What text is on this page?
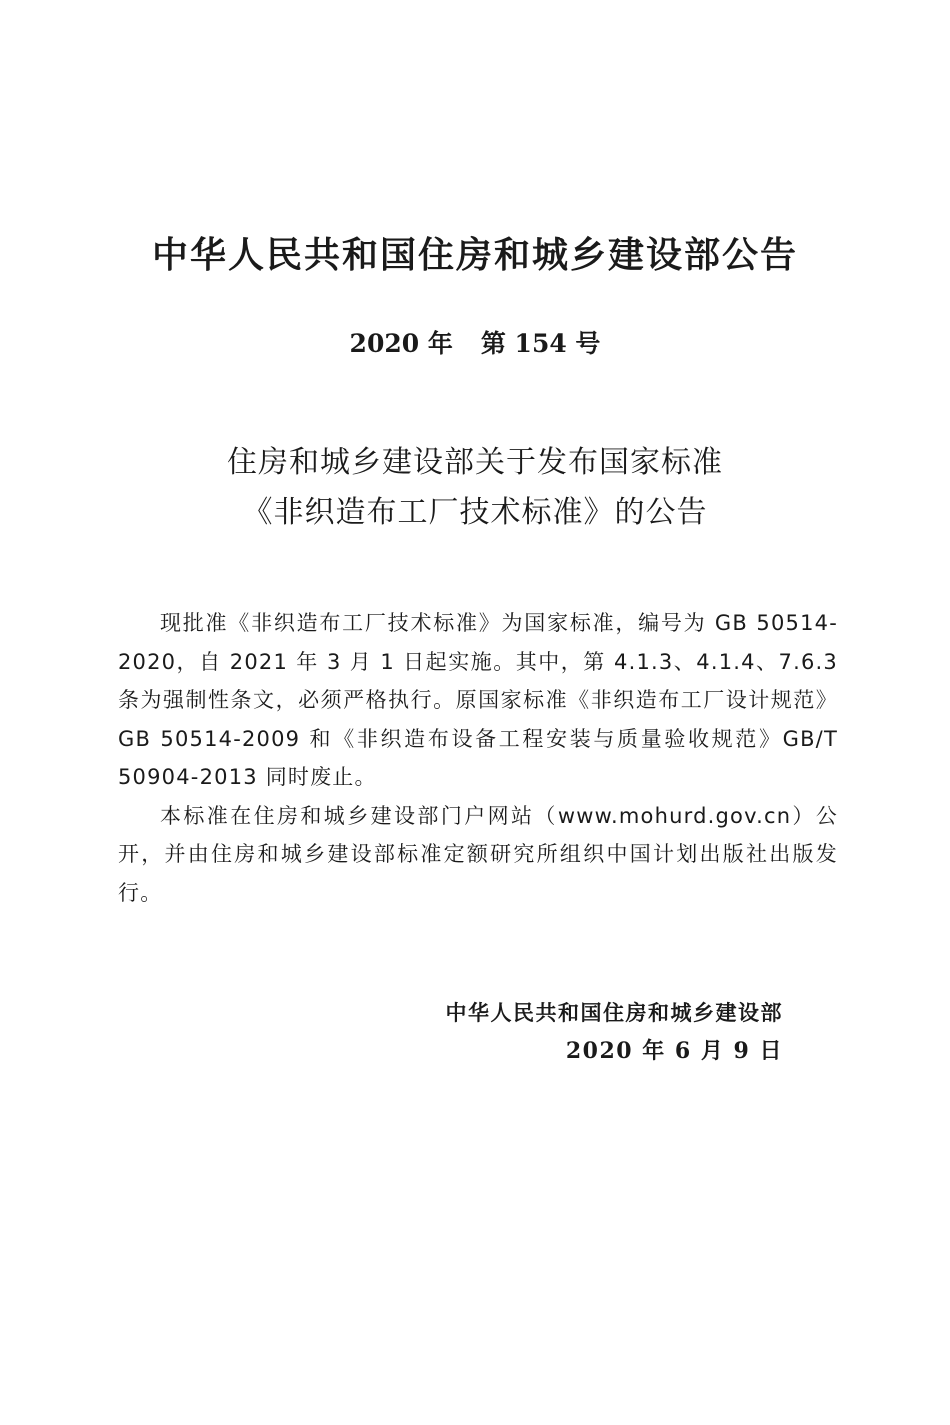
中华人民共和国住房和城乡建设部公告
2020 年 第 154 号
住房和城乡建设部关于发布国家标准
《非织造布工厂技术标准》的公告

现批准《非织造布工厂技术标准》为国家标准，编号为 GB 50514-2020，自 2021 年 3 月 1 日起实施。其中，第 4.1.3、4.1.4、7.6.3 条为强制性条文，必须严格执行。原国家标准《非织造布工厂设计规范》GB 50514-2009 和《非织造布设备工程安装与质量验收规范》GB/T 50904-2013 同时废止。

本标准在住房和城乡建设部门户网站（www.mohurd.gov.cn）公开，并由住房和城乡建设部标准定额研究所组织中国计划出版社出版发行。

中华人民共和国住房和城乡建设部
2020 年 6 月 9 日
